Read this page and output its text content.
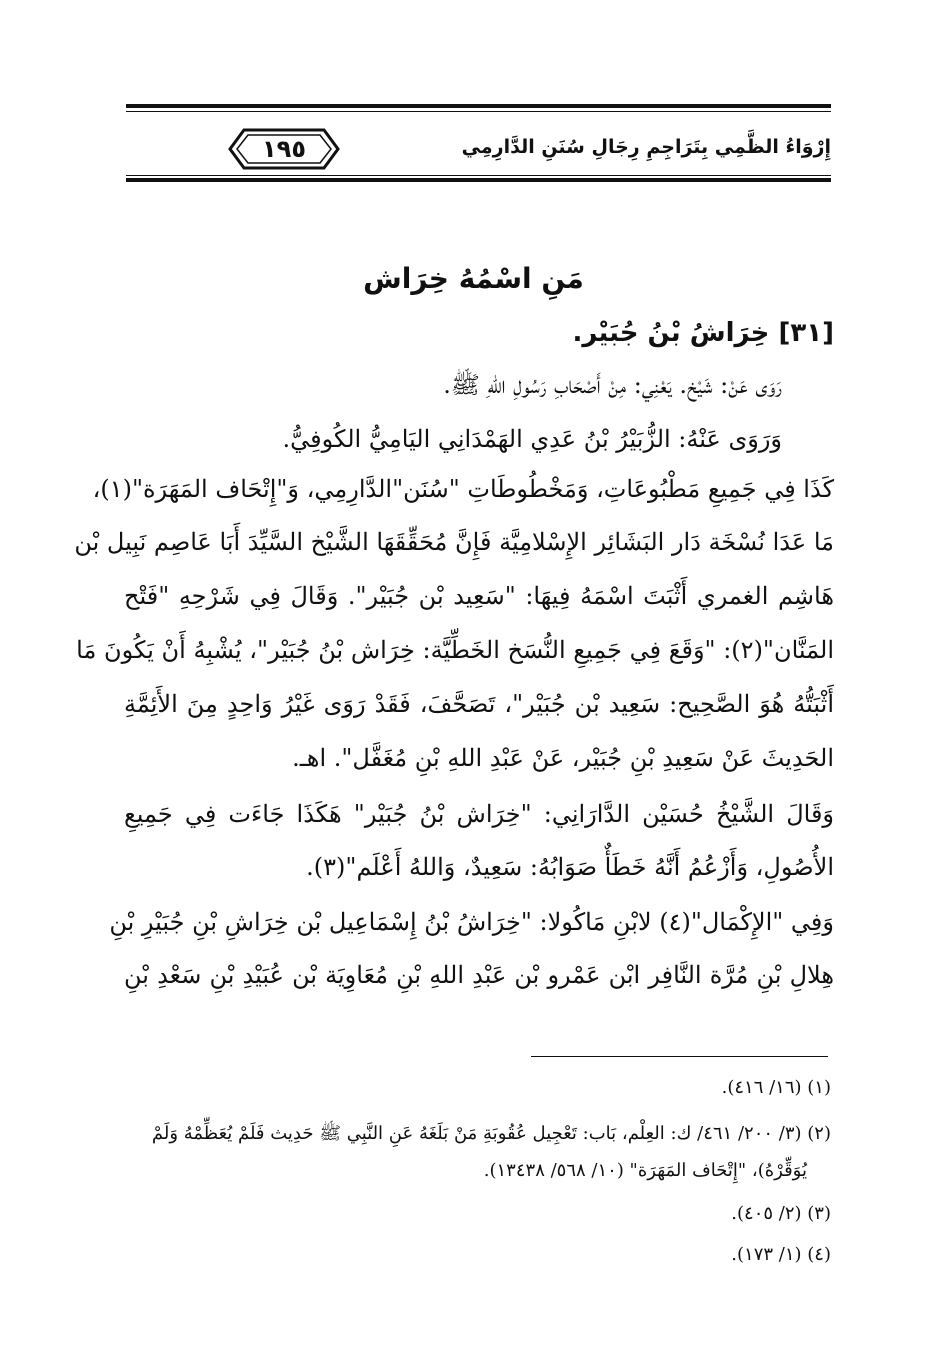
١٩٥	إِرْوَاءُ الظَّمِي بِتَرَاجِمِ رِجَالِ سُنَنِ الدَّارِمِي
مَنِ اسْمُهُ خِرَاش
[٣١] خِرَاشُ بْنُ جُبَيْر.
رَوَى عَنْ: شَيْخ. يَعْنِي: مِنْ أَصْحَابِ رَسُولِ اللهِ ﷺ.
وَرَوَى عَنْهُ: الزُّبَيْرُ بْنُ عَدِي الهَمْدَانِي اليَامِيُّ الكُوفِيُّ.
كَذَا فِي جَمِيعِ مَطْبُوعَاتِ، وَمَخْطُوطَاتِ "سُنَن"الدَّارِمِي، وَ"إِتْحَاف المَهَرَة"(١)،
مَا عَدَا نُسْخَة دَار البَشَائِر الإِسْلامِيَّة فَإِنَّ مُحَقِّقَهَا الشَّيْخ السَّيِّدَ أَبَا عَاصِم نَبِيل بْن
هَاشِم الغمري أَثْبَتَ اسْمَهُ فِيهَا: "سَعِيد بْن جُبَيْر". وَقَالَ فِي شَرْحِهِ "فَتْح
المَنَّان"(٢): "وَقَعَ فِي جَمِيعِ النُّسَخ الخَطِّيَّة: خِرَاش بْنُ جُبَيْر"، يُشْبِهُ أَنْ يَكُونَ مَا
أَثْبَتُّهُ هُوَ الصَّحِيح: سَعِيد بْن جُبَيْر"، تَصَحَّفَ، فَقَدْ رَوَى غَيْرُ وَاحِدٍ مِنَ الأَئِمَّةِ
الحَدِيثَ عَنْ سَعِيدِ بْنِ جُبَيْر، عَنْ عَبْدِ اللهِ بْنِ مُغَفَّل". اهـ.
وَقَالَ الشَّيْخُ حُسَيْن الدَّارَانِي: "خِرَاش بْنُ جُبَيْر" هَكَذَا جَاءَت فِي جَمِيعِ
الأُصُولِ، وَأَزْعُمُ أَنَّهُ خَطَأٌ صَوَابُهُ: سَعِيدٌ، وَاللهُ أَعْلَم"(٣).
وَفِي "الإِكْمَال"(٤) لابْنِ مَاكُولا: "خِرَاشُ بْنُ إِسْمَاعِيل بْن خِرَاشِ بْنِ جُبَيْرِ بْنِ
هِلالِ بْنِ مُرَّة النَّافِر ابْن عَمْرو بْن عَبْدِ اللهِ بْنِ مُعَاوِيَة بْن عُبَيْدِ بْنِ سَعْدِ بْنِ
(١) (١٦/ ٤١٦).
(٢) (٣/ ٢٠٠/ ٤٦١/ ك: العِلْم، بَاب: تَعْجِيل عُقُوبَةِ مَنْ بَلَغَهُ عَنِ النَّبِي ﷺ حَدِيث فَلَمْ يُعَظِّمْهُ وَلَمْ
يُوَقِّرْهُ)، "إِتْحَاف المَهَرَة" (١٠/ ٥٦٨/ ١٣٤٣٨).
(٣) (٢/ ٤٠٥).
(٤) (١/ ١٧٣).
